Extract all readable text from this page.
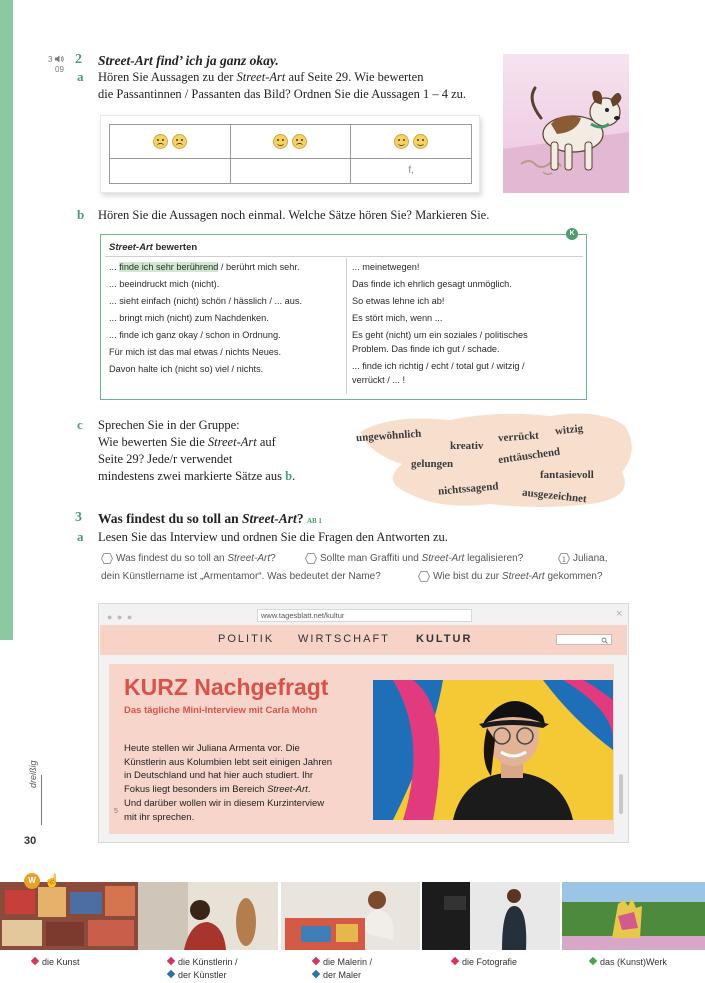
3
09
2 Street-Art find’ ich ja ganz okay.
a Hören Sie Aussagen zu der Street-Art auf Seite 29. Wie bewerten
die Passantinnen / Passanten das Bild? Ordnen Sie die Aussagen 1 – 4 zu.

		f,
b Hören Sie die Aussagen noch einmal. Welche Sätze hören Sie? Markieren Sie.
Street-Art bewerten
... finde ich sehr berührend / berührt mich sehr.
... beeindruckt mich (nicht).
... sieht einfach (nicht) schön / hässlich / ... aus.
... bringt mich (nicht) zum Nachdenken.
... finde ich ganz okay / schon in Ordnung.
Für mich ist das mal etwas / nichts Neues.
Davon halte ich (nicht so) viel / nichts.
... meinetwegen!
Das finde ich ehrlich gesagt unmöglich.
So etwas lehne ich ab!
Es stört mich, wenn ...
Es geht (nicht) um ein soziales / politisches
Problem. Das finde ich gut / schade.
... finde ich richtig / echt / total gut / witzig /
verrückt / ... !
K
c Sprechen Sie in der Gruppe:
Wie bewerten Sie die Street-Art auf
Seite 29? Jede/r verwendet
mindestens zwei markierte Sätze aus b.
ungewöhnlich
kreativ
verrückt witzig
gelungen	enttäuschend
fantasievoll
nichtssagend ausgezeichnet
3 Was findest du so toll an Street-Art? AB 1
a Lesen Sie das Interview und ordnen Sie die Fragen den Antworten zu.
Was findest du so toll an Street-Art?	Sollte man Graffiti und Street-Art legalisieren?	1 Juliana,
dein Künstlername ist „Armentamor“. Was bedeutet der Name?	Wie bist du zur Street-Art gekommen?
● ● ●	www.tagesblatt.net/kultur	×
POLITIK WIRTSCHAFT KULTUR
KURZ Nachgefragt
Das tägliche Mini-Interview mit Carla Mohn
Heute stellen wir Juliana Armenta vor. Die
Künstlerin aus Kolumbien lebt seit einigen Jahren
in Deutschland und hat hier auch studiert. Ihr
Fokus liegt besonders im Bereich Street-Art.
Und darüber wollen wir in diesem Kurzinterview
mit ihr sprechen.
5
dreißig
30
W ☝
die Kunst	die Künstlerin /
der Künstler
die Malerin /
der Maler
die Fotografie	das (Kunst)Werk
